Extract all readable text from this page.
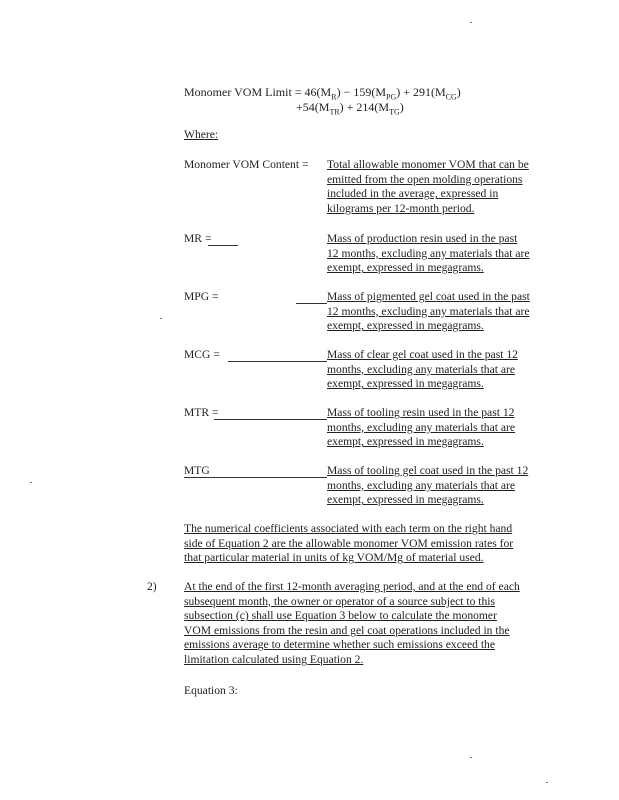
Monomer VOM Limit = $46(M_R) - 159(M_{PG}) + 291(M_{CG})$
$+54(M_{TR}) + 214(M_{TG})$
Where:
Monomer VOM Content = Total allowable monomer VOM that can be
emitted from the open molding operations
included in the average, expressed in
kilograms per 12-month period.
MR =	Mass of production resin used in the past
12 months, excluding any materials that are
exempt, expressed in megagrams.
MPG =	Mass of pigmented gel coat used in the past
12 months, excluding any materials that are
exempt, expressed in megagrams.
MCG =	Mass of clear gel coat used in the past 12
months, excluding any materials that are
exempt, expressed in megagrams.
MTR =	Mass of tooling resin used in the past 12
months, excluding any materials that are
exempt, expressed in megagrams.
MTG	Mass of tooling gel coat used in the past 12
months, excluding any materials that are
exempt, expressed in megagrams.
The numerical coefficients associated with each term on the right hand
side of Equation 2 are the allowable monomer VOM emission rates for
that particular material in units of kg VOM/Mg of material used.
2) At the end of the first 12-month averaging period, and at the end of each
subsequent month, the owner or operator of a source subject to this
subsection (c) shall use Equation 3 below to calculate the monomer
VOM emissions from the resin and gel coat operations included in the
emissions average to determine whether such emissions exceed the
limitation calculated using Equation 2.
Equation 3:
